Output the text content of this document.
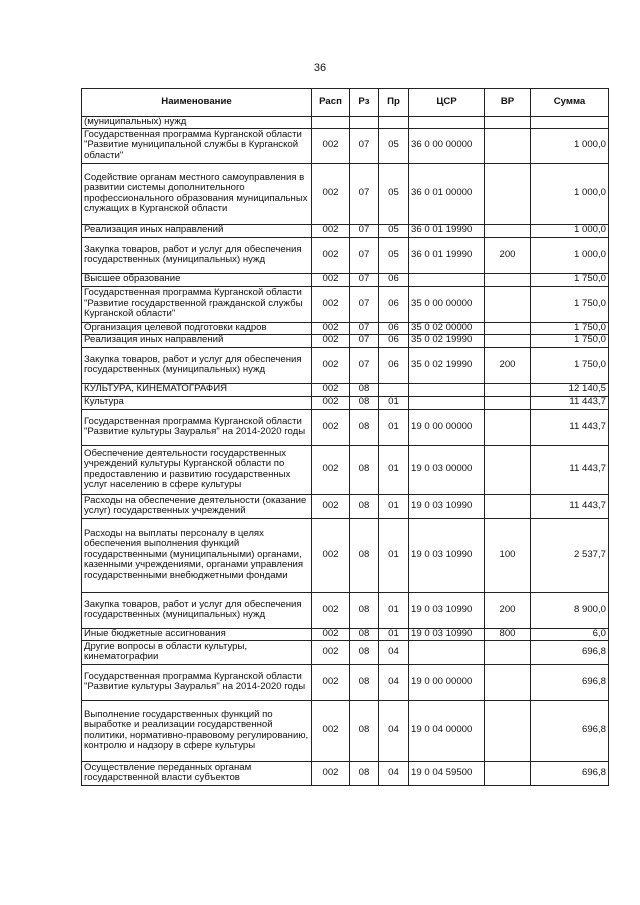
36
Наименование	Расп	Рз	Пр	ЦСР	ВР	Сумма
(муниципальных) нужд						
Государственная программа Курганской области "Развитие муниципальной службы в Курганской области"	002	07	05	36 0 00 00000		1 000,0
Содействие органам местного самоуправления в развитии системы дополнительного профессионального образования муниципальных служащих в Курганской области	002	07	05	36 0 01 00000		1 000,0
Реализация иных направлений	002	07	05	36 0 01 19990		1 000,0
Закупка товаров, работ и услуг для обеспечения государственных (муниципальных) нужд	002	07	05	36 0 01 19990	200	1 000,0
Высшее образование	002	07	06			1 750,0
Государственная программа Курганской области "Развитие государственной гражданской службы Курганской области"	002	07	06	35 0 00 00000		1 750,0
Организация целевой подготовки кадров	002	07	06	35 0 02 00000		1 750,0
Реализация иных направлений	002	07	06	35 0 02 19990		1 750,0
Закупка товаров, работ и услуг для обеспечения государственных (муниципальных) нужд	002	07	06	35 0 02 19990	200	1 750,0
КУЛЬТУРА, КИНЕМАТОГРАФИЯ	002	08				12 140,5
Культура	002	08	01			11 443,7
Государственная программа Курганской области "Развитие культуры Зауралья" на 2014-2020 годы	002	08	01	19 0 00 00000		11 443,7
Обеспечение деятельности государственных учреждений культуры Курганской области по предоставлению и развитию государственных услуг населению в сфере культуры	002	08	01	19 0 03 00000		11 443,7
Расходы на обеспечение деятельности (оказание услуг) государственных учреждений	002	08	01	19 0 03 10990		11 443,7
Расходы на выплаты персоналу в целях обеспечения выполнения функций государственными (муниципальными) органами, казенными учреждениями, органами управления государственными внебюджетными фондами	002	08	01	19 0 03 10990	100	2 537,7
Закупка товаров, работ и услуг для обеспечения государственных (муниципальных) нужд	002	08	01	19 0 03 10990	200	8 900,0
Иные бюджетные ассигнования	002	08	01	19 0 03 10990	800	6,0
Другие вопросы в области культуры, кинематографии	002	08	04			696,8
Государственная программа Курганской области "Развитие культуры Зауралья" на 2014-2020 годы	002	08	04	19 0 00 00000		696,8
Выполнение государственных функций по выработке и реализации государственной политики, нормативно-правовому регулированию, контролю и надзору в сфере культуры	002	08	04	19 0 04 00000		696,8
Осуществление переданных органам государственной власти субъектов	002	08	04	19 0 04 59500		696,8
